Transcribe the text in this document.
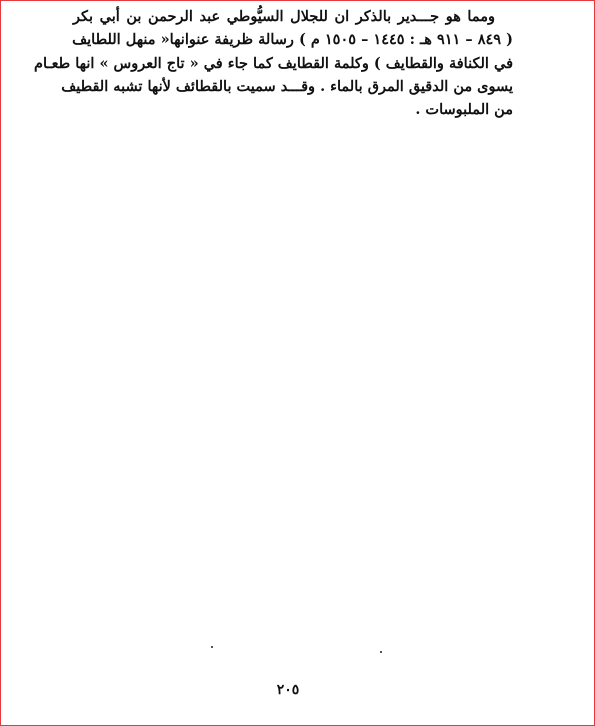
ومما هو جـــدير بالذكر ان للجلال السيُّوطي عبد الرحمن بن أبي بكر
( ٨٤٩ – ٩١١ هـ : ١٤٤٥ – ١٥٠٥ م ) رسالة ظريفة عنوانها« منهل اللطايف
في الكنافة والقطايف ) وكلمة القطايف كما جاء في « تاج العروس » انها طعـام
يسوى من الدقيق المرق بالماء . وقـــد سميت بالقطائف لأنها تشبه القطيف
من الملبوسات .
٢٠٥
